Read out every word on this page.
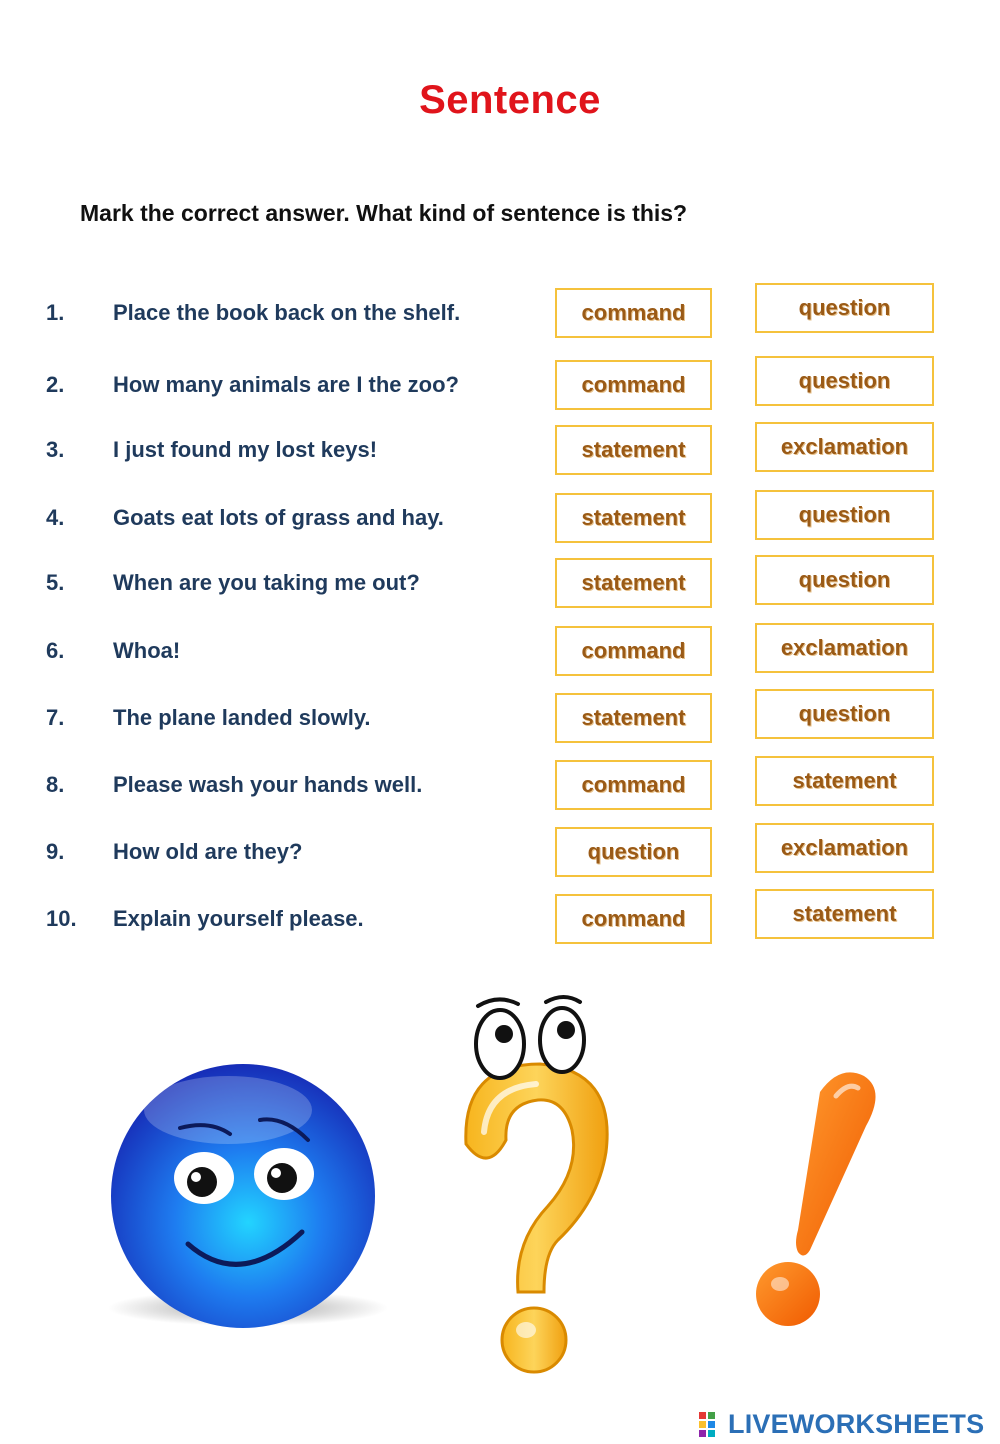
Sentence
Mark the correct answer. What kind of sentence is this?
1. Place the book back on the shelf.	command	question
2. How many animals are I the zoo?	command	question
3. I just found my lost keys!	statement	exclamation
4. Goats eat lots of grass and hay.	statement	question
5. When are you taking me out?	statement	question
6. Whoa!	command	exclamation
7. The plane landed slowly.	statement	question
8. Please wash your hands well.	command	statement
9. How old are they?	question	exclamation
10. Explain yourself please.	command	statement
LIVEWORKSHEETS
